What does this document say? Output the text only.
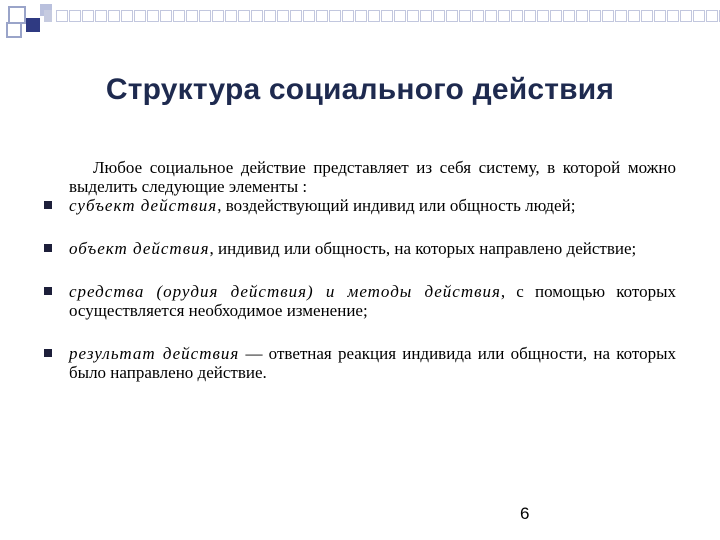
Структура социального действия

Любое социальное действие представляет из себя систему, в которой можно выделить следующие элементы :

субъект действия, воздействующий индивид или общность людей;
объект действия, индивид или общность, на которых направлено действие;
средства (орудия действия) и методы действия, с помощью которых осуществляется необходимое изменение;
результат действия — ответная реакция индивида или общности, на которых было направлено действие.
6
